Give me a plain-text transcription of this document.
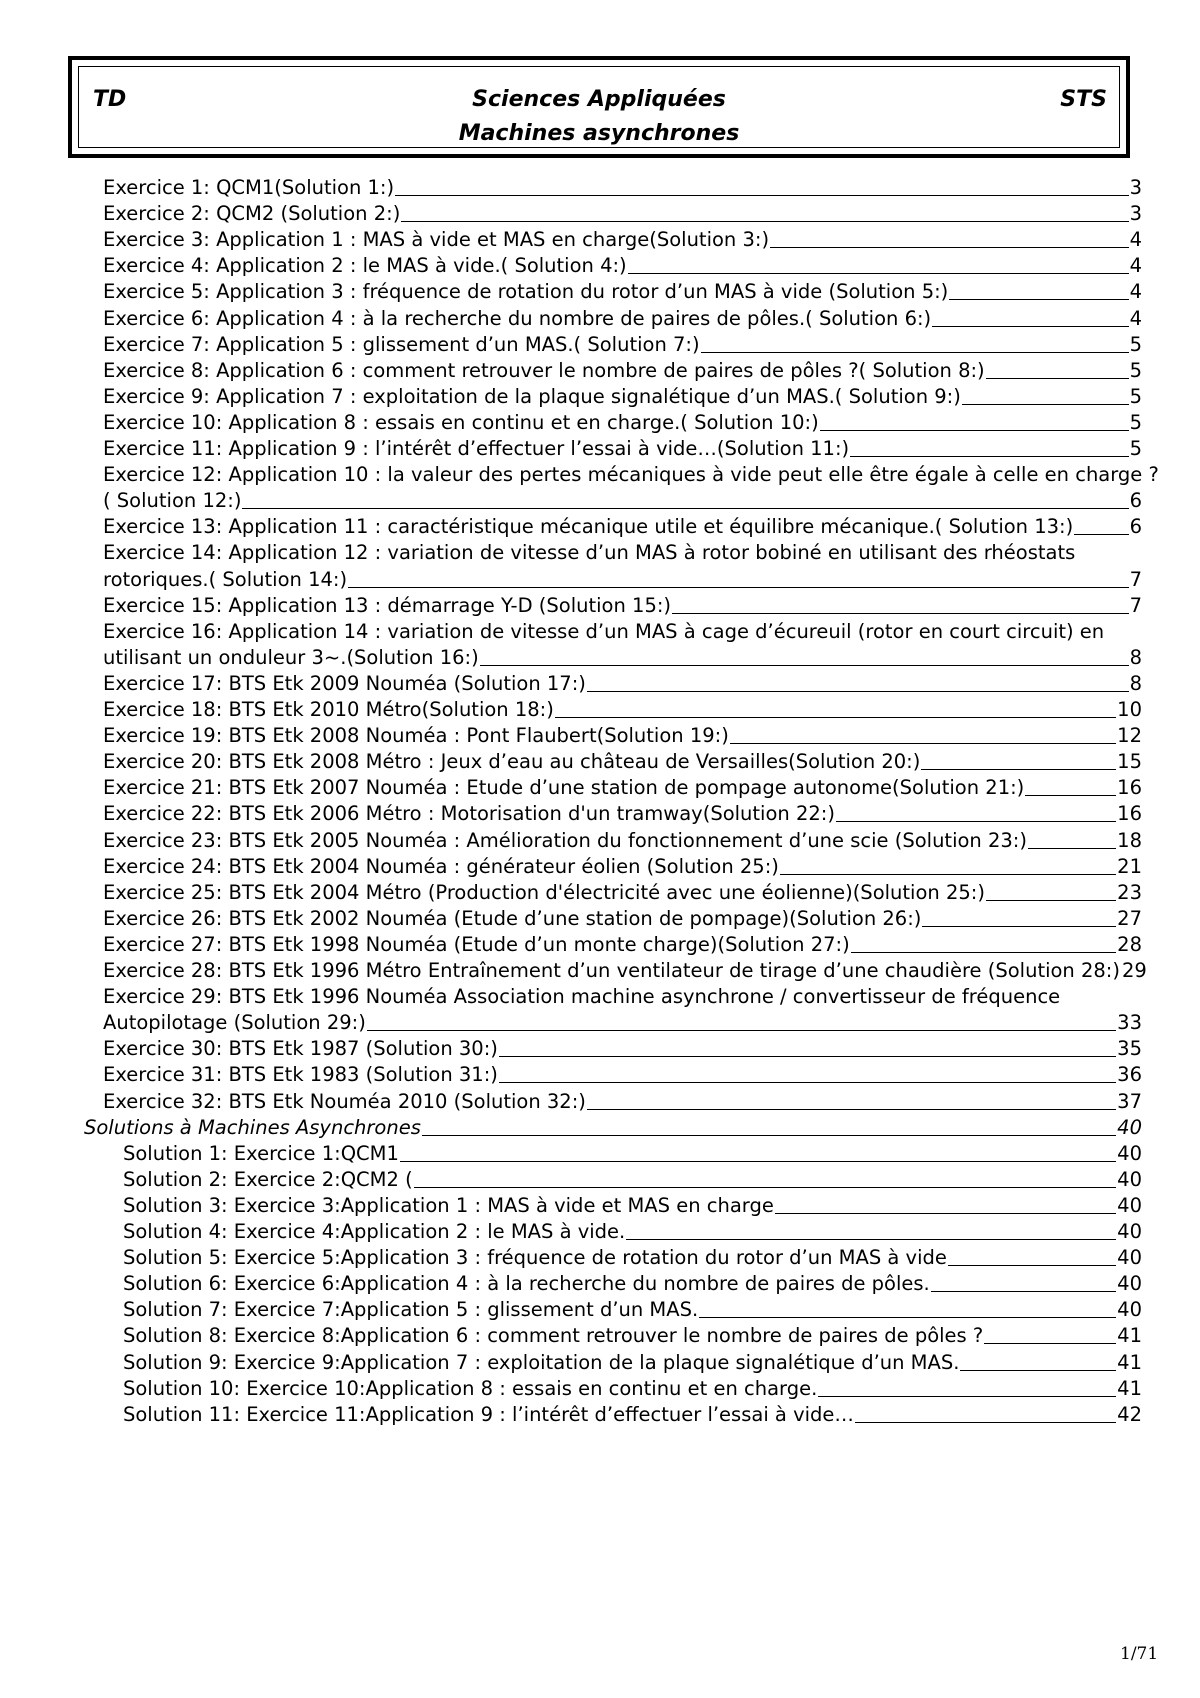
TD	Sciences Appliquées
Machines asynchrones
STS
Exercice 1: QCM1(Solution 1:)	3
Exercice 2: QCM2 (Solution 2:)	3
Exercice 3: Application 1 : MAS à vide et MAS en charge(Solution 3:)	4
Exercice 4: Application 2 : le MAS à vide.( Solution 4:)	4
Exercice 5: Application 3 : fréquence de rotation du rotor d’un MAS à vide (Solution 5:)	4
Exercice 6: Application 4 : à la recherche du nombre de paires de pôles.( Solution 6:)	4
Exercice 7: Application 5 : glissement d’un MAS.( Solution 7:)	5
Exercice 8: Application 6 : comment retrouver le nombre de paires de pôles ?( Solution 8:)	5
Exercice 9: Application 7 : exploitation de la plaque signalétique d’un MAS.( Solution 9:)	5
Exercice 10: Application 8 : essais en continu et en charge.( Solution 10:)	5
Exercice 11: Application 9 : l’intérêt d’effectuer l’essai à vide…(Solution 11:)	5
Exercice 12: Application 10 : la valeur des pertes mécaniques à vide peut elle être égale à celle en charge ?
( Solution 12:)	6
Exercice 13: Application 11 : caractéristique mécanique utile et équilibre mécanique.( Solution 13:)	6
Exercice 14: Application 12 : variation de vitesse d’un MAS à rotor bobiné en utilisant des rhéostats
rotoriques.( Solution 14:)	7
Exercice 15: Application 13 : démarrage Y-D (Solution 15:)	7
Exercice 16: Application 14 : variation de vitesse d’un MAS à cage d’écureuil (rotor en court circuit) en
utilisant un onduleur 3~.(Solution 16:)	8
Exercice 17: BTS Etk 2009 Nouméa (Solution 17:)	8
Exercice 18: BTS Etk 2010 Métro(Solution 18:)	10
Exercice 19: BTS Etk 2008 Nouméa : Pont Flaubert(Solution 19:)	12
Exercice 20: BTS Etk 2008 Métro : Jeux d’eau au château de Versailles(Solution 20:)	15
Exercice 21: BTS Etk 2007 Nouméa : Etude d’une station de pompage autonome(Solution 21:)	16
Exercice 22: BTS Etk 2006 Métro : Motorisation d'un tramway(Solution 22:)	16
Exercice 23: BTS Etk 2005 Nouméa : Amélioration du fonctionnement d’une scie (Solution 23:)	18
Exercice 24: BTS Etk 2004 Nouméa : générateur éolien (Solution 25:)	21
Exercice 25: BTS Etk 2004 Métro (Production d'électricité avec une éolienne)(Solution 25:)	23
Exercice 26: BTS Etk 2002 Nouméa (Etude d’une station de pompage)(Solution 26:)	27
Exercice 27: BTS Etk 1998 Nouméa (Etude d’un monte charge)(Solution 27:)	28
Exercice 28: BTS Etk 1996 Métro Entraînement d’un ventilateur de tirage d’une chaudière (Solution 28:) 29
Exercice 29: BTS Etk 1996 Nouméa Association machine asynchrone / convertisseur de fréquence
Autopilotage (Solution 29:)	33
Exercice 30: BTS Etk 1987 (Solution 30:)	35
Exercice 31: BTS Etk 1983 (Solution 31:)	36
Exercice 32: BTS Etk Nouméa 2010 (Solution 32:)	37
Solutions à Machines Asynchrones	40
Solution 1: Exercice 1:QCM1	40
Solution 2: Exercice 2:QCM2 (	40
Solution 3: Exercice 3:Application 1 : MAS à vide et MAS en charge	40
Solution 4: Exercice 4:Application 2 : le MAS à vide.	40
Solution 5: Exercice 5:Application 3 : fréquence de rotation du rotor d’un MAS à vide	40
Solution 6: Exercice 6:Application 4 : à la recherche du nombre de paires de pôles.	40
Solution 7: Exercice 7:Application 5 : glissement d’un MAS.	40
Solution 8: Exercice 8:Application 6 : comment retrouver le nombre de paires de pôles ?	41
Solution 9: Exercice 9:Application 7 : exploitation de la plaque signalétique d’un MAS.	41
Solution 10: Exercice 10:Application 8 : essais en continu et en charge.	41
Solution 11: Exercice 11:Application 9 : l’intérêt d’effectuer l’essai à vide…	42
1/71
